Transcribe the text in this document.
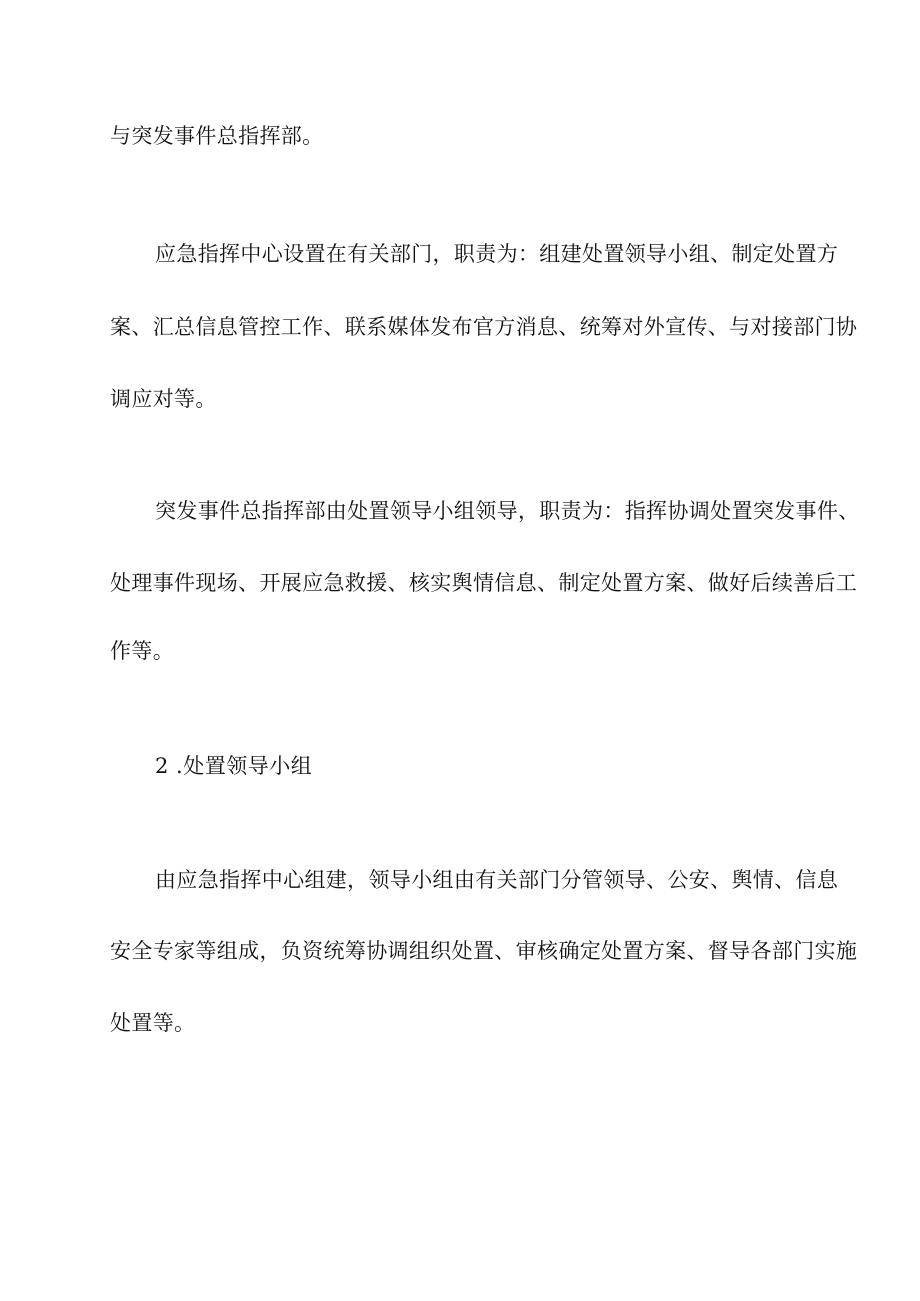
与突发事件总指挥部。
应急指挥中心设置在有关部门，职责为：组建处置领导小组、制定处置方
案、汇总信息管控工作、联系媒体发布官方消息、统筹对外宣传、与对接部门协
调应对等。
突发事件总指挥部由处置领导小组领导，职责为：指挥协调处置突发事件、
处理事件现场、开展应急救援、核实舆情信息、制定处置方案、做好后续善后工
作等。
2 .处置领导小组
由应急指挥中心组建，领导小组由有关部门分管领导、公安、舆情、信息
安全专家等组成，负资统筹协调组织处置、审核确定处置方案、督导各部门实施
处置等。
